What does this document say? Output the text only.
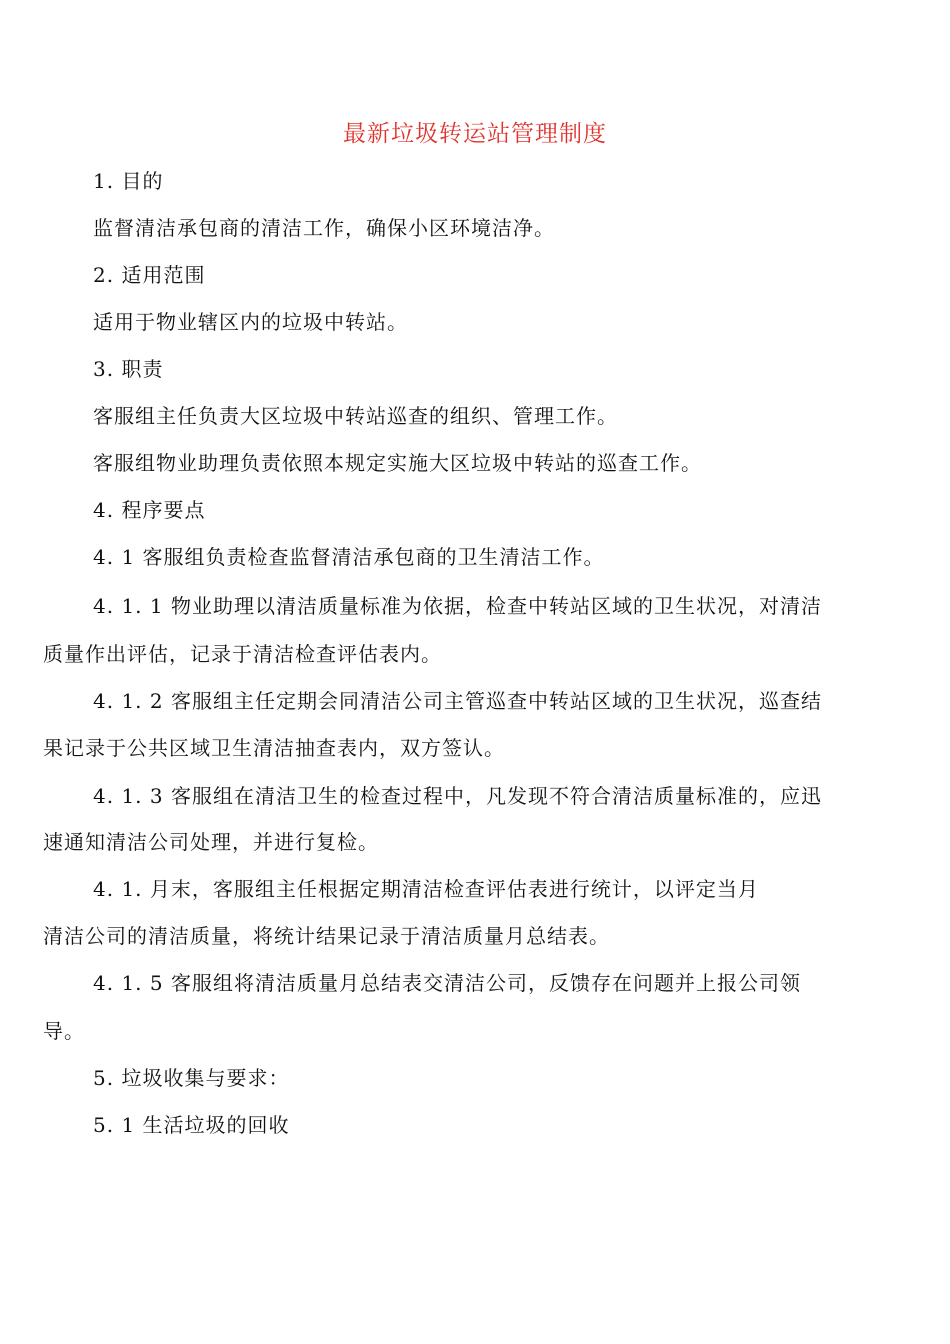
最新垃圾转运站管理制度

1. 目的

监督清洁承包商的清洁工作，确保小区环境洁净。

2. 适用范围

适用于物业辖区内的垃圾中转站。

3. 职责

客服组主任负责大区垃圾中转站巡查的组织、管理工作。

客服组物业助理负责依照本规定实施大区垃圾中转站的巡查工作。

4. 程序要点

4. 1 客服组负责检查监督清洁承包商的卫生清洁工作。

4. 1. 1 物业助理以清洁质量标准为依据，检查中转站区域的卫生状况，对清洁

质量作出评估，记录于清洁检查评估表内。

4. 1. 2 客服组主任定期会同清洁公司主管巡查中转站区域的卫生状况，巡查结

果记录于公共区域卫生清洁抽查表内，双方签认。

4. 1. 3 客服组在清洁卫生的检查过程中，凡发现不符合清洁质量标准的，应迅

速通知清洁公司处理，并进行复检。

4. 1. 月末，客服组主任根据定期清洁检查评估表进行统计，以评定当月

清洁公司的清洁质量，将统计结果记录于清洁质量月总结表。

4. 1. 5 客服组将清洁质量月总结表交清洁公司，反馈存在问题并上报公司领

导。

5. 垃圾收集与要求：

5. 1 生活垃圾的回收
